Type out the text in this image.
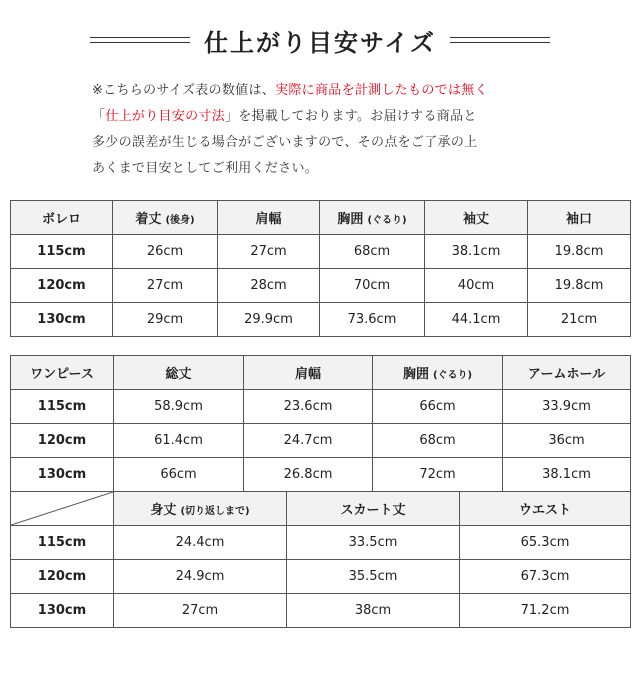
仕上がり目安サイズ

※こちらのサイズ表の数値は、実際に商品を計測したものでは無く

「仕上がり目安の寸法」を掲載しております。お届けする商品と

多少の誤差が生じる場合がございますので、その点をご了承の上

あくまで目安としてご利用ください。

ボレロ	着丈 (後身)	肩幅	胸囲 (ぐるり)	袖丈	袖口
115cm	26cm	27cm	68cm	38.1cm	19.8cm
120cm	27cm	28cm	70cm	40cm	19.8cm
130cm	29cm	29.9cm	73.6cm	44.1cm	21cm
ワンピース	総丈	肩幅		胸囲 (ぐるり)		アームホール
115cm	58.9cm	23.6cm		66cm		33.9cm
120cm	61.4cm	24.7cm		68cm		36cm
130cm	66cm	26.8cm		72cm		38.1cm

	身丈 (切り返しまで)		スカート丈		ウエスト	
115cm	24.4cm		33.5cm		65.3cm	
120cm	24.9cm		35.5cm		67.3cm	
130cm	27cm		38cm		71.2cm	
